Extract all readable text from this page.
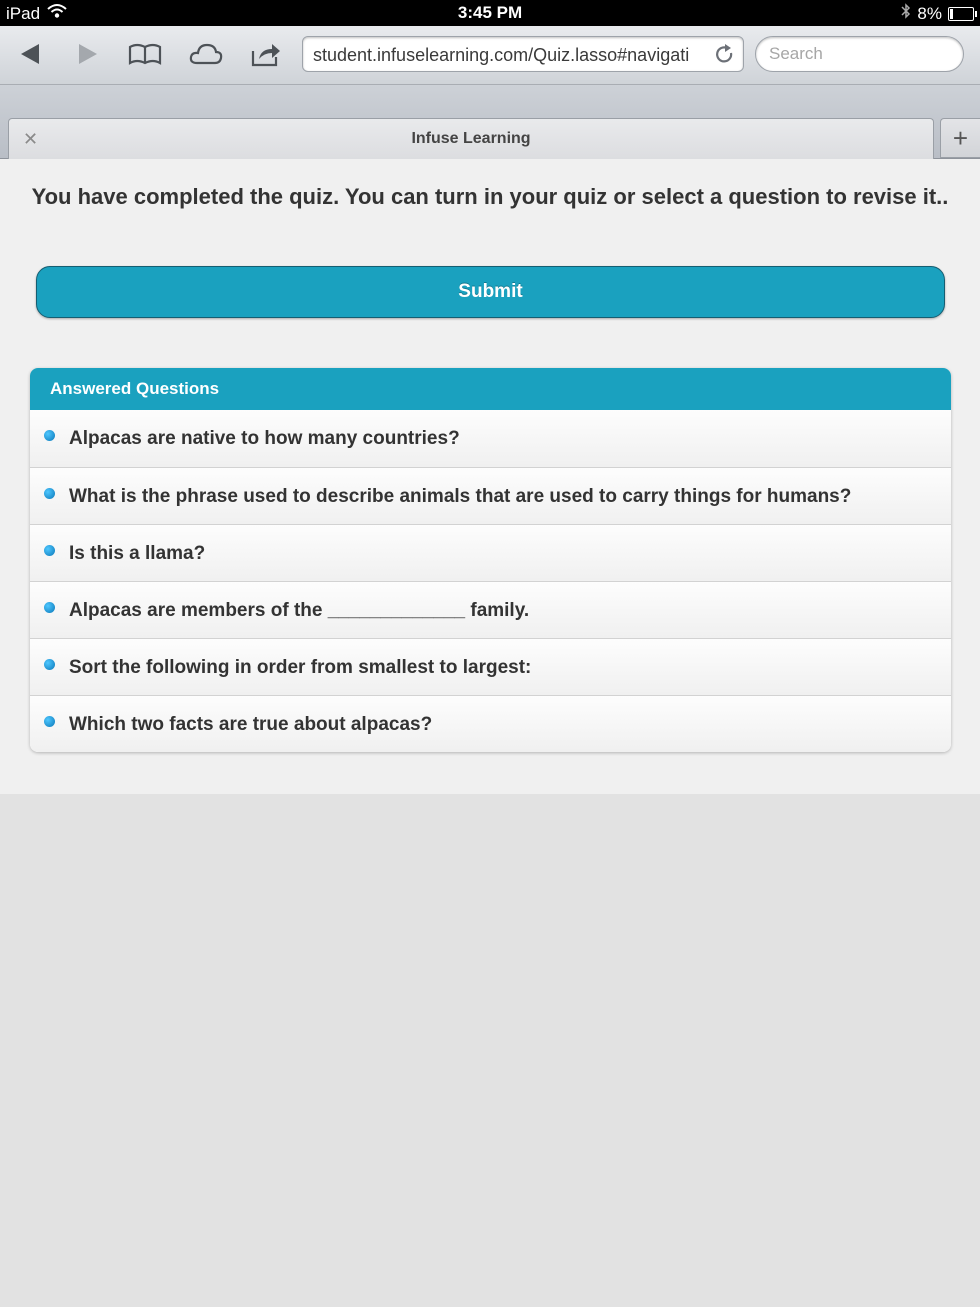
iPad	3:45 PM	8%
student.infuselearning.com/Quiz.lasso#navigati
Search
✕	Infuse Learning	+
You have completed the quiz. You can turn in your quiz or select a question to revise it..
Submit
Answered Questions
Alpacas are native to how many countries?
What is the phrase used to describe animals that are used to carry things for humans?
Is this a llama?
Alpacas are members of the _____________ family.
Sort the following in order from smallest to largest:
Which two facts are true about alpacas?
